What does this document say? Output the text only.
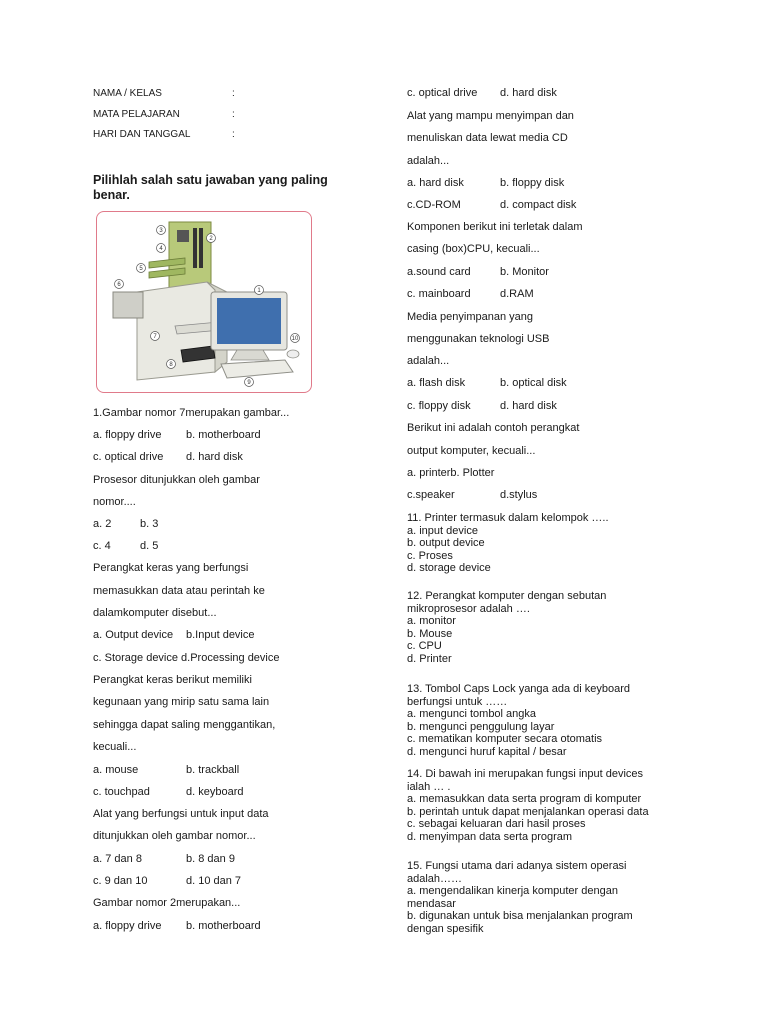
NAMA / KELAS	:
MATA PELAJARAN	:
HARI DAN TANGGAL	:
Pilihlah salah satu jawaban yang paling benar.
3
4
2
5
6
1
7
8
9
10
1.Gambar nomor 7merupakan gambar...
a. floppy drive b. motherboard
c. optical drive d. hard disk
Prosesor ditunjukkan oleh gambar
nomor....
a. 2	b. 3
c. 4	d. 5
Perangkat keras yang berfungsi
memasukkan data atau perintah ke
dalamkomputer disebut...
a. Output device b.Input device
c. Storage device d.Processing device
Perangkat keras berikut memiliki
kegunaan yang mirip satu sama lain
sehingga dapat saling menggantikan,
kecuali...
a. mouse	b. trackball
c. touchpad	d. keyboard
Alat yang berfungsi untuk input data
ditunjukkan oleh gambar nomor...
a. 7 dan 8	b. 8 dan 9
c. 9 dan 10	d. 10 dan 7
Gambar nomor 2merupakan...
a. floppy drive b. motherboard
c. optical drive d. hard disk
Alat yang mampu menyimpan dan
menuliskan data lewat media CD
adalah...
a. hard disk	b. floppy disk
c.CD-ROM	d. compact disk
Komponen berikut ini terletak dalam
casing (box)CPU, kecuali...
a.sound card	b. Monitor
c. mainboard	d.RAM
Media penyimpanan yang
menggunakan teknologi USB
adalah...
a. flash disk	b. optical disk
c. floppy disk	d. hard disk
Berikut ini adalah contoh perangkat
output komputer, kecuali...
a. printerb. Plotter
c.speaker	d.stylus
11. Printer termasuk dalam kelompok …..
a. input device
b. output device
c. Proses
d. storage device
12. Perangkat komputer dengan sebutan
mikroprosesor adalah ….
a. monitor
b. Mouse
c. CPU
d. Printer
13. Tombol Caps Lock yanga ada di keyboard
berfungsi untuk ……
a. mengunci tombol angka
b. mengunci penggulung layar
c. mematikan komputer secara otomatis
d. mengunci huruf kapital / besar
14. Di bawah ini merupakan fungsi input devices
ialah … .
a. memasukkan data serta program di komputer
b. perintah untuk dapat menjalankan operasi data
c. sebagai keluaran dari hasil proses
d. menyimpan data serta program
15. Fungsi utama dari adanya sistem operasi
adalah……
a. mengendalikan kinerja komputer dengan
mendasar
b. digunakan untuk bisa menjalankan program
dengan spesifik
